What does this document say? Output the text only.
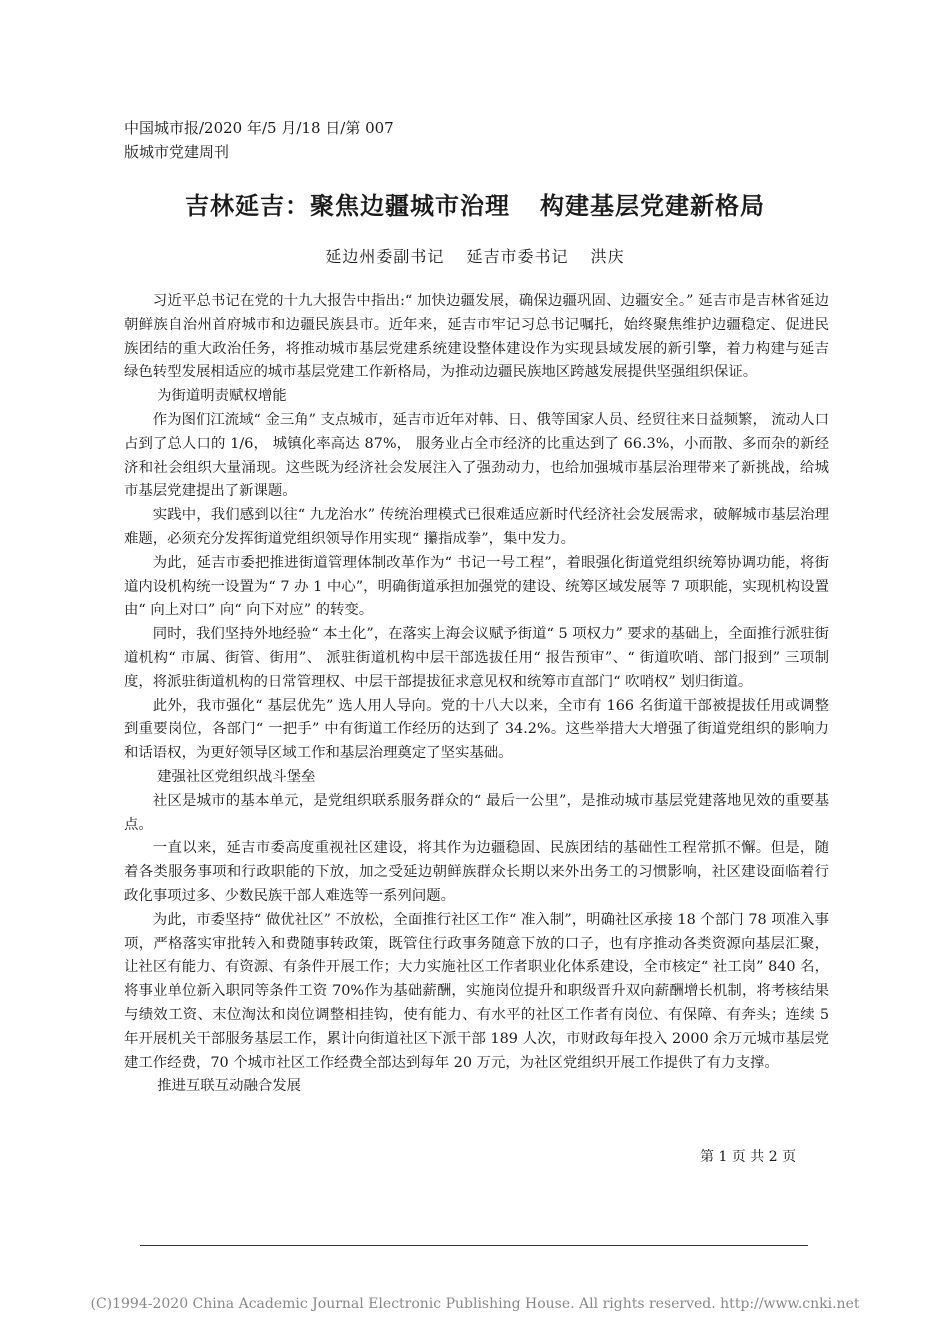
中国城市报/2020 年/5 月/18 日/第 007
版城市党建周刊
吉林延吉：聚焦边疆城市治理 构建基层党建新格局
延边州委副书记 延吉市委书记 洪庆

习近平总书记在党的十九大报告中指出:“ 加快边疆发展，确保边疆巩固、边疆安全。” 延吉市是吉林省延边朝鲜族自治州首府城市和边疆民族县市。近年来，延吉市牢记习总书记嘱托，始终聚焦维护边疆稳定、促进民族团结的重大政治任务，将推动城市基层党建系统建设整体建设作为实现县域发展的新引擎，着力构建与延吉绿色转型发展相适应的城市基层党建工作新格局，为推动边疆民族地区跨越发展提供坚强组织保证。

为街道明责赋权增能

作为图们江流域“ 金三角” 支点城市，延吉市近年对韩、日、俄等国家人员、经贸往来日益频繁， 流动人口占到了总人口的 1/6， 城镇化率高达 87%， 服务业占全市经济的比重达到了 66.3%，小而散、多而杂的新经济和社会组织大量涌现。这些既为经济社会发展注入了强劲动力，也给加强城市基层治理带来了新挑战，给城市基层党建提出了新课题。

实践中，我们感到以往“ 九龙治水” 传统治理模式已很难适应新时代经济社会发展需求，破解城市基层治理难题，必须充分发挥街道党组织领导作用实现“ 攥指成拳”，集中发力。

为此，延吉市委把推进街道管理体制改革作为“ 书记一号工程”，着眼强化街道党组织统筹协调功能，将街道内设机构统一设置为“ 7 办 1 中心”，明确街道承担加强党的建设、统筹区域发展等 7 项职能，实现机构设置由“ 向上对口” 向“ 向下对应” 的转变。

同时，我们坚持外地经验“ 本土化”，在落实上海会议赋予街道“ 5 项权力” 要求的基础上，全面推行派驻街道机构“ 市属、街管、街用”、 派驻街道机构中层干部选拔任用“ 报告预审”、“ 街道吹哨、部门报到” 三项制度，将派驻街道机构的日常管理权、中层干部提拔征求意见权和统筹市直部门“ 吹哨权” 划归街道。

此外，我市强化“ 基层优先” 选人用人导向。党的十八大以来，全市有 166 名街道干部被提拔任用或调整到重要岗位，各部门“ 一把手” 中有街道工作经历的达到了 34.2%。这些举措大大增强了街道党组织的影响力和话语权，为更好领导区域工作和基层治理奠定了坚实基础。

建强社区党组织战斗堡垒

社区是城市的基本单元，是党组织联系服务群众的“ 最后一公里”，是推动城市基层党建落地见效的重要基点。

一直以来，延吉市委高度重视社区建设，将其作为边疆稳固、民族团结的基础性工程常抓不懈。但是，随着各类服务事项和行政职能的下放，加之受延边朝鲜族群众长期以来外出务工的习惯影响，社区建设面临着行政化事项过多、少数民族干部人难选等一系列问题。

为此，市委坚持“ 做优社区” 不放松，全面推行社区工作“ 准入制”，明确社区承接 18 个部门 78 项准入事项，严格落实审批转入和费随事转政策，既管住行政事务随意下放的口子，也有序推动各类资源向基层汇聚，让社区有能力、有资源、有条件开展工作；大力实施社区工作者职业化体系建设，全市核定“ 社工岗” 840 名，将事业单位新入职同等条件工资 70%作为基础薪酬，实施岗位提升和职级晋升双向薪酬增长机制，将考核结果与绩效工资、末位淘汰和岗位调整相挂钩，使有能力、有水平的社区工作者有岗位、有保障、有奔头；连续 5 年开展机关干部服务基层工作，累计向街道社区下派干部 189 人次，市财政每年投入 2000 余万元城市基层党建工作经费，70 个城市社区工作经费全部达到每年 20 万元，为社区党组织开展工作提供了有力支撑。

推进互联互动融合发展

第 1 页 共 2 页
(C)1994-2020 China Academic Journal Electronic Publishing House. All rights reserved. http://www.cnki.net
